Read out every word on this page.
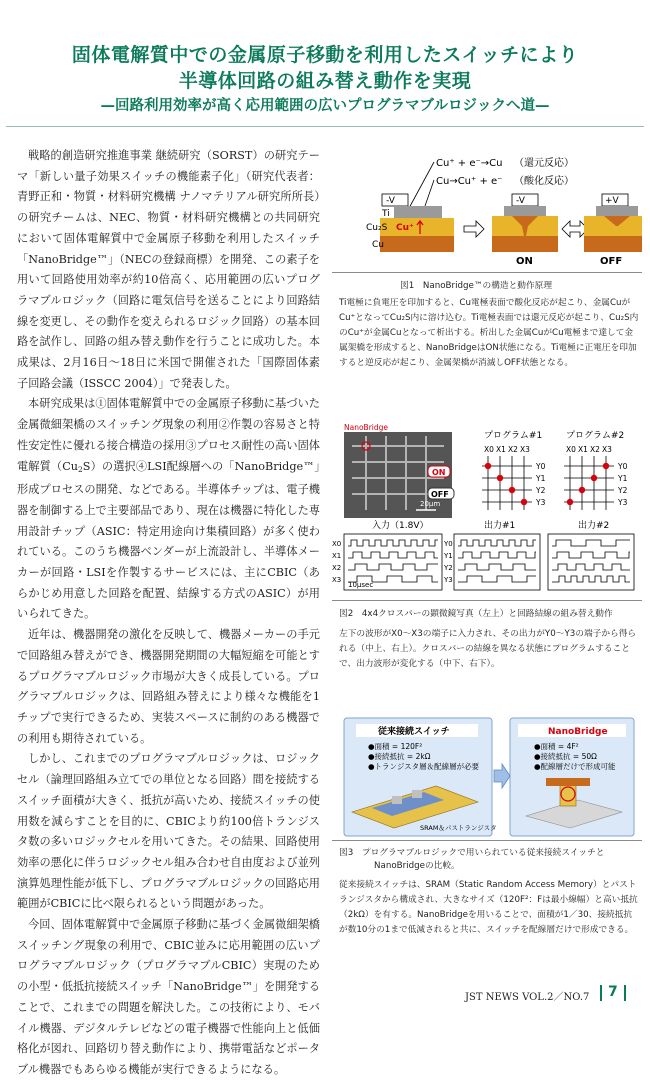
固体電解質中での金属原子移動を利用したスイッチにより
半導体回路の組み替え動作を実現
—回路利用効率が高く応用範囲の広いプログラマブルロジックへ道—

戦略的創造研究推進事業 継続研究（SORST）の研究テーマ「新しい量子効果スイッチの機能素子化」（研究代表者：青野正和・物質・材料研究機構 ナノマテリアル研究所所長）の研究チームは、NEC、物質・材料研究機構との共同研究において固体電解質中で金属原子移動を利用したスイッチ「NanoBridge™」（NECの登録商標）を開発、この素子を用いて回路使用効率が約10倍高く、応用範囲の広いプログラマブルロジック（回路に電気信号を送ることにより回路結線を変更し、その動作を変えられるロジック回路）の基本回路を試作し、回路の組み替え動作を行うことに成功した。本成果は、2月16日〜18日に米国で開催された「国際固体素子回路会議（ISSCC 2004）」で発表した。

本研究成果は①固体電解質中での金属原子移動に基づいた金属微細架橋のスイッチング現象の利用②作製の容易さと特性安定性に優れる接合構造の採用③プロセス耐性の高い固体電解質$(Cu_2S)$の選択④LSI配線層への「NanoBridge™」形成プロセスの開発、などである。半導体チップは、電子機器を制御する上で主要部品であり、現在は機器に特化した専用設計チップ（ASIC：特定用途向け集積回路）が多く使われている。このうち機器ベンダーが上流設計し、半導体メーカーが回路・LSIを作製するサービスには、主にCBIC（あらかじめ用意した回路を配置、結線する方式のASIC）が用いられてきた。

近年は、機器開発の激化を反映して、機器メーカーの手元で回路組み替えができ、機器開発期間の大幅短縮を可能とするプログラマブルロジック市場が大きく成長している。プログラマブルロジックは、回路組み替えにより様々な機能を1チップで実行できるため、実装スペースに制約のある機器での利用も期待されている。

しかし、これまでのプログラマブルロジックは、ロジックセル（論理回路組み立てでの単位となる回路）間を接続するスイッチ面積が大きく、抵抗が高いため、接続スイッチの使用数を減らすことを目的に、CBICより約100倍トランジスタ数の多いロジックセルを用いてきた。その結果、回路使用効率の悪化に伴うロジックセル組み合わせ自由度および並列演算処理性能が低下し、プログラマブルロジックの回路応用範囲がCBICに比べ限られるという問題があった。

今回、固体電解質中で金属原子移動に基づく金属微細架橋スイッチング現象の利用で、CBIC並みに応用範囲の広いプログラマブルロジック（プログラマブルCBIC）実現のための小型・低抵抗接続スイッチ「NanoBridge™」を開発することで、これまでの問題を解決した。この技術により、モバイル機器、デジタルテレビなどの電子機器で性能向上と低価格化が図れ、回路切り替え動作により、携帯電話などポータブル機器でもあらゆる機能が実行できるようになる。

Cu⁺ + e⁻→Cu （還元反応）
Cu→Cu⁺ + e⁻ （酸化反応）
-V
Ti
Cu₂S
Cu
Cu⁺
-V
ON
+V
OFF
図1　NanoBridge™の構造と動作原理
Ti電極に負電圧を印加すると、Cu電極表面で酸化反応が起こり、金属CuがCu⁺となってCu₂S内に溶け込む。Ti電極表面では還元反応が起こり、Cu₂S内のCu⁺が金属Cuとなって析出する。析出した金属CuがCu電極まで達して金属架橋を形成すると、NanoBridgeはON状態になる。Ti電極に正電圧を印加すると逆反応が起こり、金属架橋が消滅しOFF状態となる。
NanoBridge
20μm
ON
OFF
プログラム#1	プログラム#2
X0 X1 X2 X3
Y0
Y1
Y2
Y3
X0 X1 X2 X3
Y0
Y1
Y2
Y3
入力（1.8V）	出力#1	出力#2
X0
X1
X2
X3
Y0
Y1
Y2
Y3
10μsec
図2　4x4クロスバーの顕微鏡写真（左上）と回路結線の組み替え動作
左下の波形がX0〜X3の端子に入力され、その出力がY0〜Y3の端子から得られる（中上、右上）。クロスバーの結線を異なる状態にプログラムすることで、出力波形が変化する（中下、右下）。
従来接続スイッチ	NanoBridge
●面積 = 120F²
●接続抵抗 = 2kΩ
●トランジスタ層＆配線層が必要
●面積 = 4F²
●接続抵抗 = 50Ω
●配線層だけで形成可能
SRAM＆パストランジスタ
図3　プログラマブルロジックで用いられている従来接続スイッチと
NanoBridgeの比較。
従来接続スイッチは、SRAM（Static Random Access Memory）とパストランジスタから構成され、大きなサイズ（120F²：Fは最小線幅）と高い抵抗（2kΩ）を有する。NanoBridgeを用いることで、面積が1／30、接続抵抗が数10分の1まで低減されると共に、スイッチを配線層だけで形成できる。
JST NEWS VOL.2／NO.7 7
